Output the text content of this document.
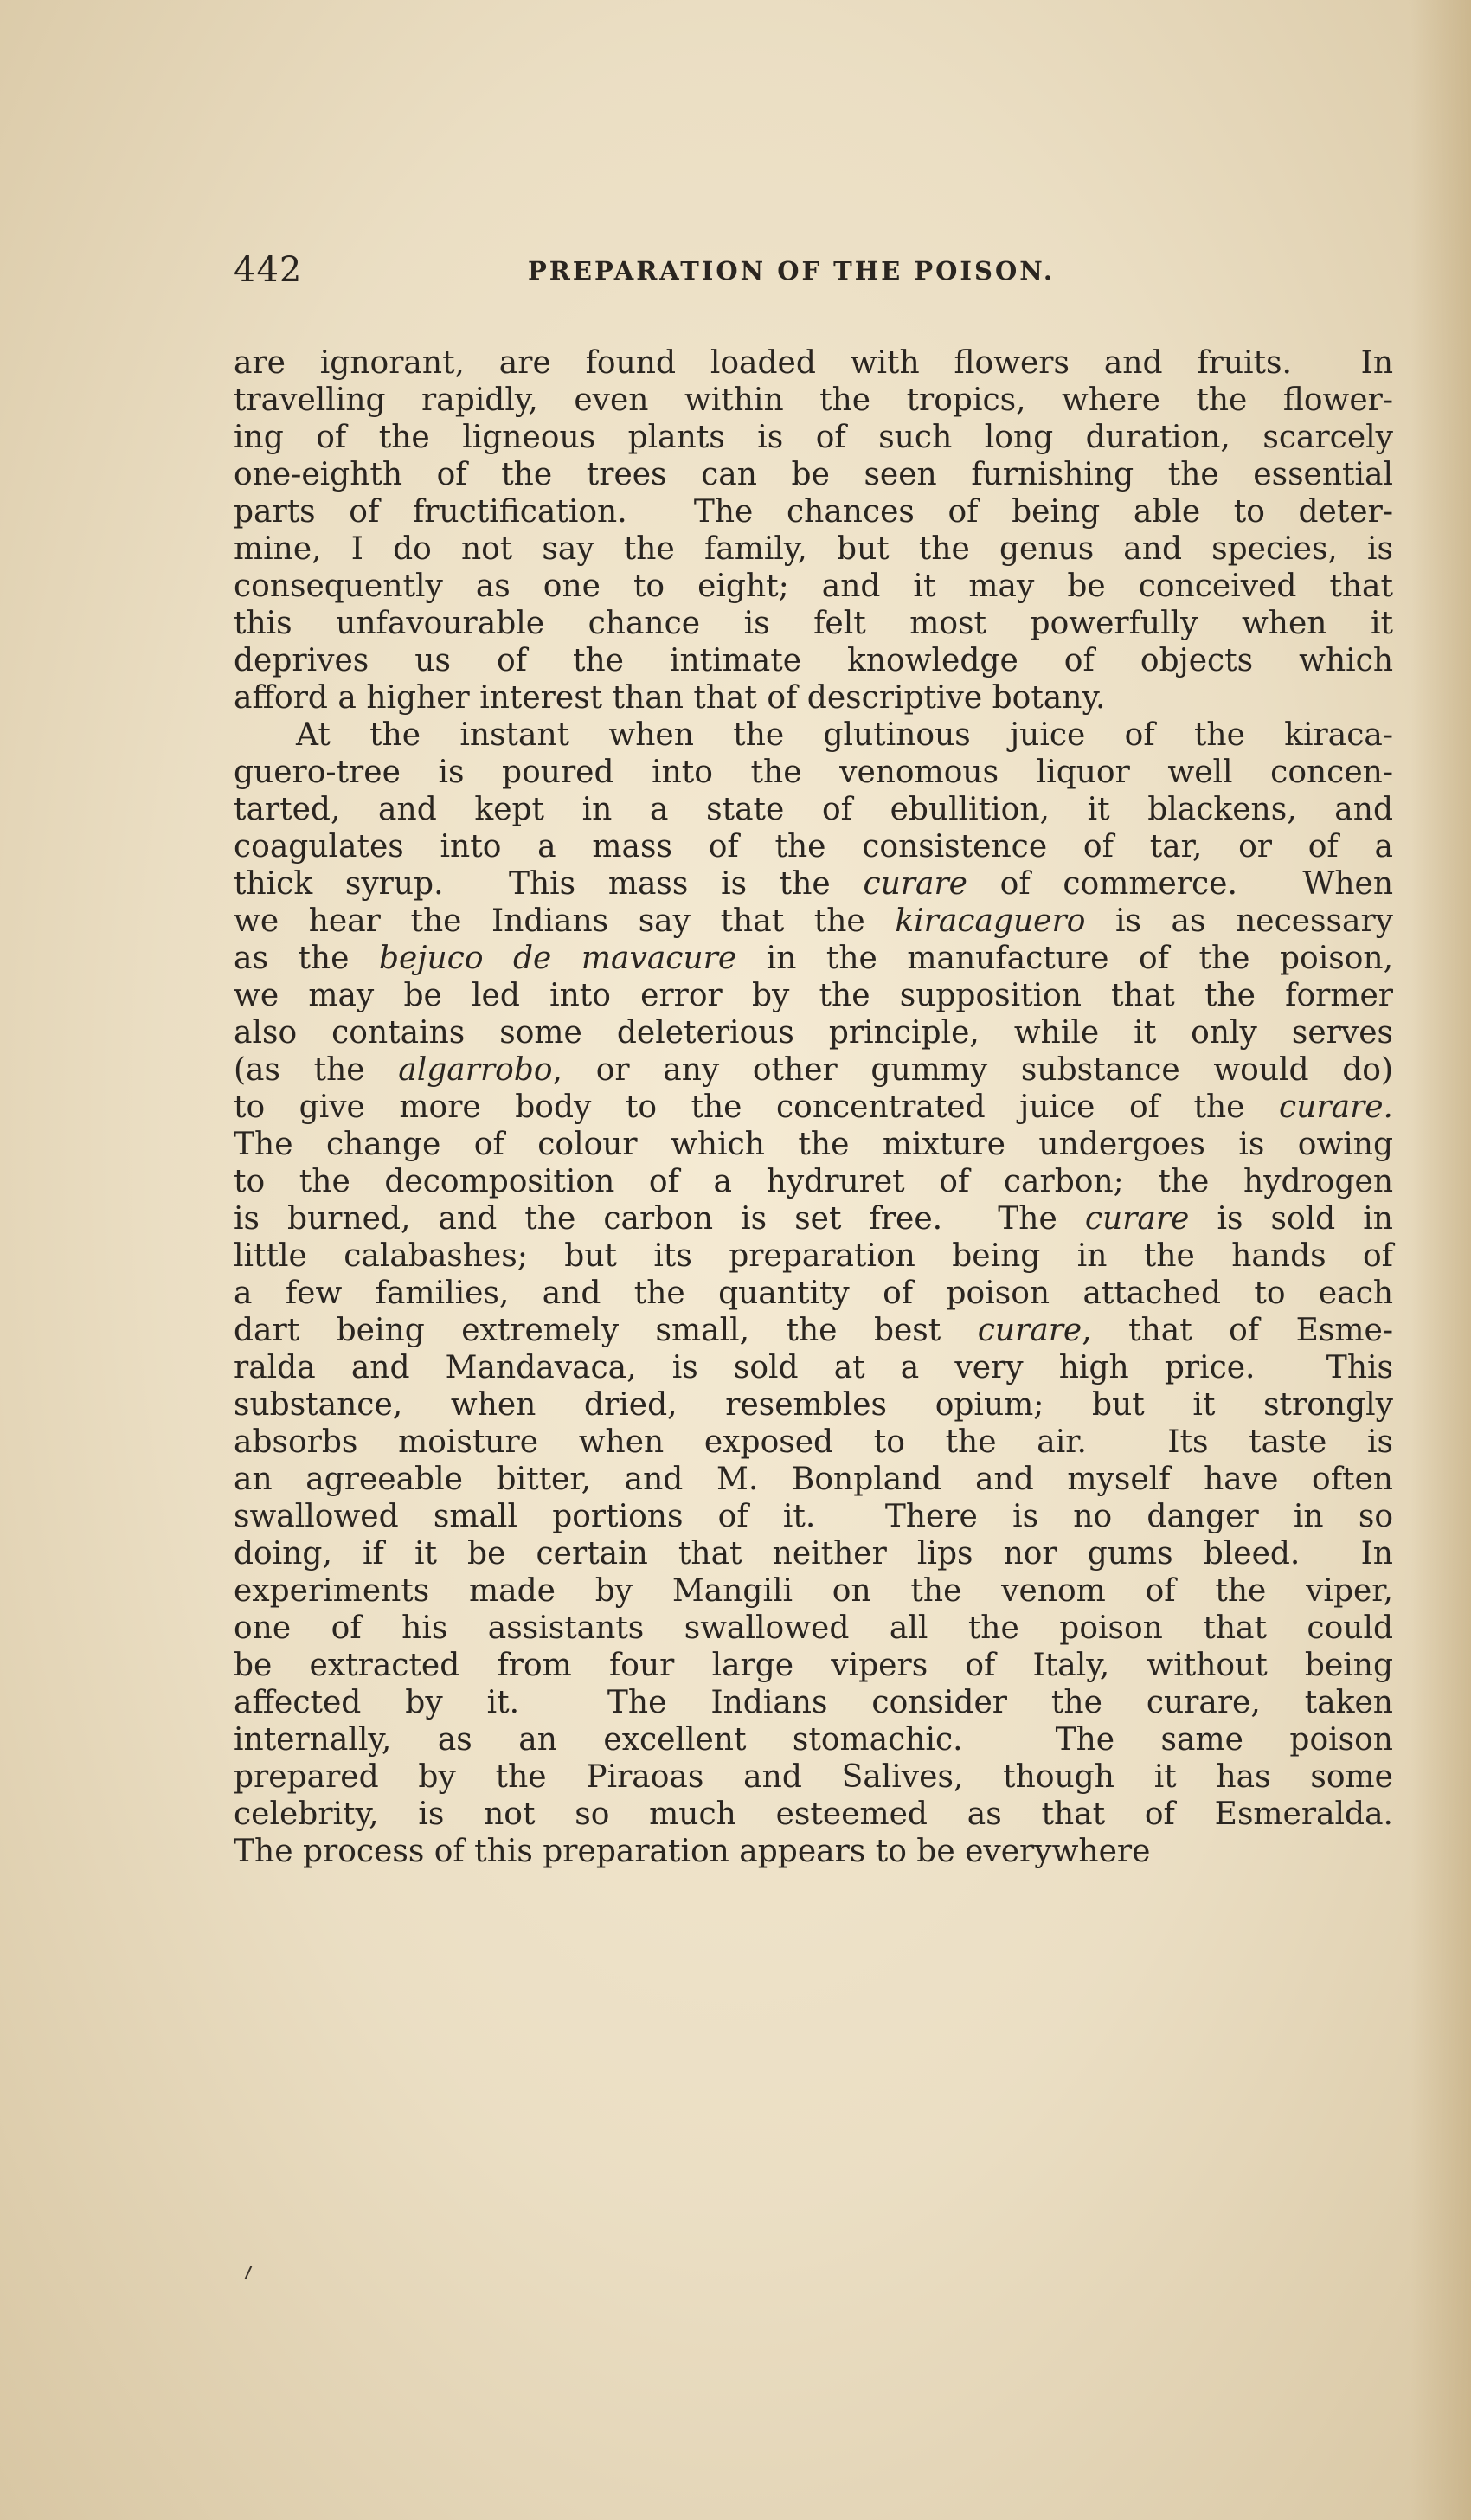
442	PREPARATION OF THE POISON.
are ignorant, are found loaded with flowers and fruits.  In
travelling rapidly, even within the tropics, where the flower-
ing of the ligneous plants is of such long duration, scarcely
one-eighth of the trees can be seen furnishing the essential
parts of fructification.  The chances of being able to deter-
mine, I do not say the family, but the genus and species, is
consequently as one to eight; and it may be conceived that
this unfavourable chance is felt most powerfully when it
deprives us of the intimate knowledge of objects which
afford a higher interest than that of descriptive botany.
At the instant when the glutinous juice of the kiraca-
guero-tree is poured into the venomous liquor well concen-
tarted, and kept in a state of ebullition, it blackens, and
coagulates into a mass of the consistence of tar, or of a
thick syrup.  This mass is the curare of commerce.  When
we hear the Indians say that the kiracaguero is as necessary
as the bejuco de mavacure in the manufacture of the poison,
we may be led into error by the supposition that the former
also contains some deleterious principle, while it only serves
(as the algarrobo, or any other gummy substance would do)
to give more body to the concentrated juice of the curare.
The change of colour which the mixture undergoes is owing
to the decomposition of a hydruret of carbon; the hydrogen
is burned, and the carbon is set free.  The curare is sold in
little calabashes; but its preparation being in the hands of
a few families, and the quantity of poison attached to each
dart being extremely small, the best curare, that of Esme-
ralda and Mandavaca, is sold at a very high price.  This
substance, when dried, resembles opium; but it strongly
absorbs moisture when exposed to the air.  Its taste is
an agreeable bitter, and M. Bonpland and myself have often
swallowed small portions of it.  There is no danger in so
doing, if it be certain that neither lips nor gums bleed.  In
experiments made by Mangili on the venom of the viper,
one of his assistants swallowed all the poison that could
be extracted from four large vipers of Italy, without being
affected by it.  The Indians consider the curare, taken
internally, as an excellent stomachic.  The same poison
prepared by the Piraoas and Salives, though it has some
celebrity, is not so much esteemed as that of Esmeralda.
The process of this preparation appears to be everywhere
